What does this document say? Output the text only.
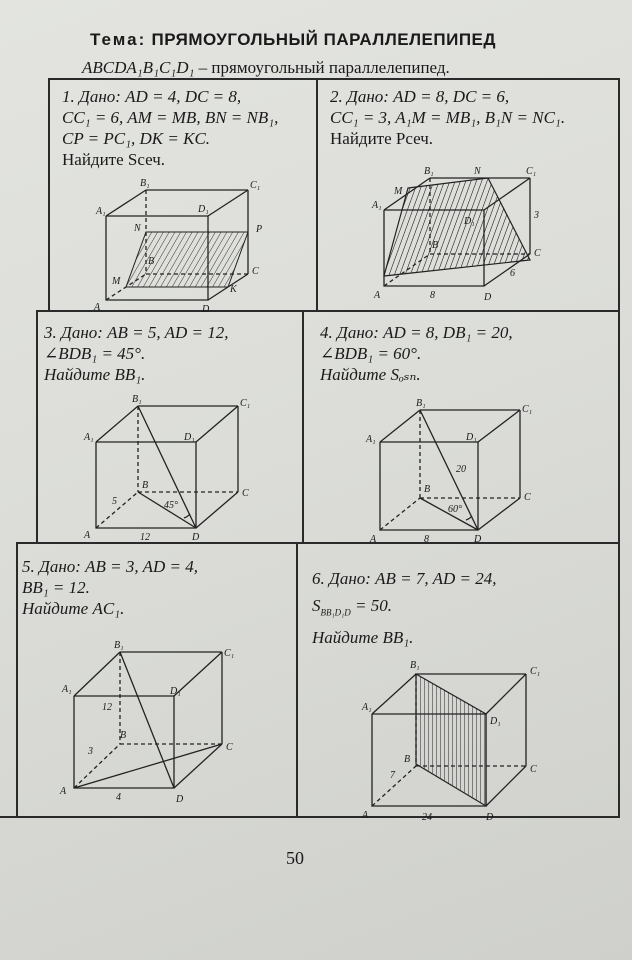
Тема: ПРЯМОУГОЛЬНЫЙ ПАРАЛЛЕЛЕПИПЕД
ABCDA₁B₁C₁D₁ – прямоугольный параллелепипед.
1. Дано: AD = 4, DC = 8,
CC₁ = 6, AM = MB, BN = NB₁,
CP = PC₁, DK = KC.
Найдите Sсеч.
B₁	C₁
A₁	D₁
N	P
B
C
M
K
A	D
2. Дано: AD = 8, DC = 6,
CC₁ = 3, A₁M = MB₁, B₁N = NC₁.
Найдите Pсеч.
B₁	N	C₁
M
A₁
D₁
B
C
A	8	D
6
3
3. Дано: AB = 5, AD = 12,
∠BDB₁ = 45°.
Найдите BB₁.
B₁	C₁
A₁	D₁
B
C
A	D
5
12
45°
4. Дано: AD = 8, DB₁ = 20,
∠BDB₁ = 60°.
Найдите Sₒₛₙ.
B₁
C₁
A₁	D₁
B
C
A	D
8
20
60°
5. Дано: AB = 3, AD = 4,
BB₁ = 12.
Найдите AC₁.
B₁
C₁
A₁	D₁
B
C
A
D
12
3
4
6. Дано: AB = 7, AD = 24,
$S_{BB_1D_1D} = 50$.
Найдите BB₁.
B₁
C₁
A₁
D₁
B
C
A	D
7
24
50
